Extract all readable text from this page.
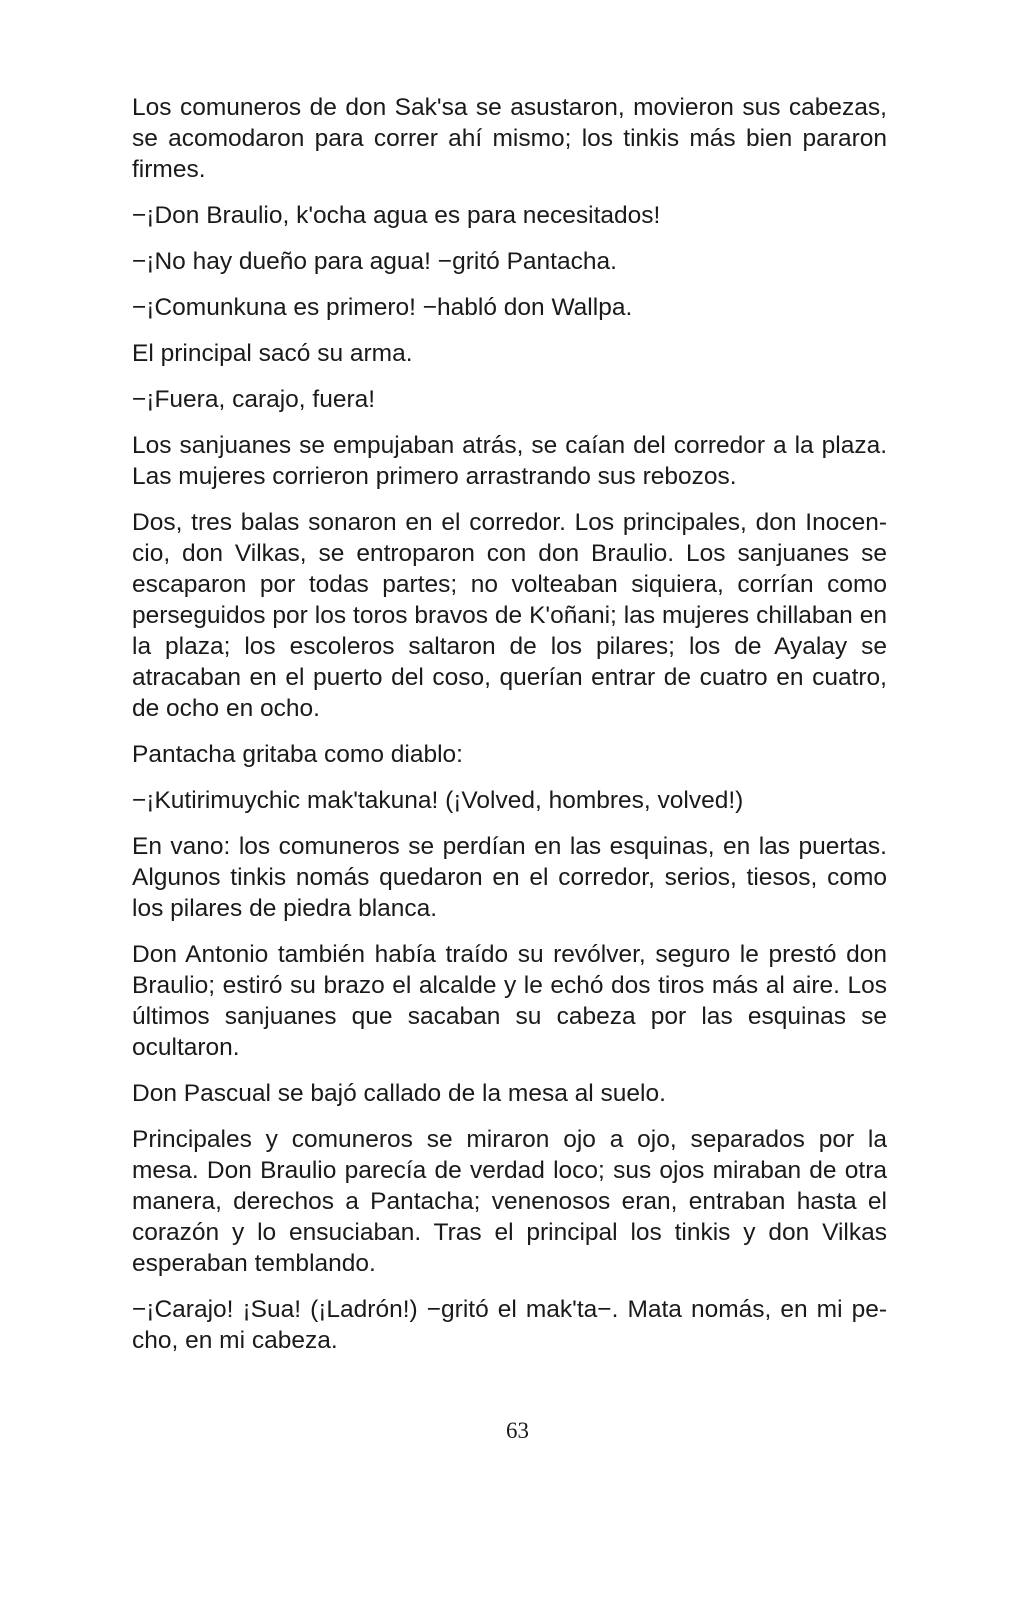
Los comuneros de don Sak'sa se asustaron, movieron sus cabezas, se acomodaron para correr ahí mismo; los tinkis más bien pararon firmes.

−¡Don Braulio, k'ocha agua es para necesitados!

−¡No hay dueño para agua! −gritó Pantacha.

−¡Comunkuna es primero! −habló don Wallpa.

El principal sacó su arma.

−¡Fuera, carajo, fuera!

Los sanjuanes se empujaban atrás, se caían del corredor a la plaza. Las mujeres corrieron primero arrastrando sus rebozos.

Dos, tres balas sonaron en el corredor. Los principales, don Inocencio, don Vilkas, se entroparon con don Braulio. Los sanjuanes se escaparon por todas partes; no volteaban siquiera, corrían como perseguidos por los toros bravos de K'oñani; las mujeres chillaban en la plaza; los escoleros saltaron de los pilares; los de Ayalay se atracaban en el puerto del coso, querían entrar de cuatro en cuatro, de ocho en ocho.

Pantacha gritaba como diablo:

−¡Kutirimuychic mak'takuna! (¡Volved, hombres, volved!)

En vano: los comuneros se perdían en las esquinas, en las puertas. Algunos tinkis nomás quedaron en el corredor, serios, tiesos, como los pilares de piedra blanca.

Don Antonio también había traído su revólver, seguro le prestó don Braulio; estiró su brazo el alcalde y le echó dos tiros más al aire. Los últimos sanjuanes que sacaban su cabeza por las esquinas se ocultaron.

Don Pascual se bajó callado de la mesa al suelo.

Principales y comuneros se miraron ojo a ojo, separados por la mesa. Don Braulio parecía de verdad loco; sus ojos miraban de otra manera, derechos a Pantacha; venenosos eran, entraban hasta el corazón y lo ensuciaban. Tras el principal los tinkis y don Vilkas esperaban temblando.

−¡Carajo! ¡Sua! (¡Ladrón!) −gritó el mak'ta−. Mata nomás, en mi pecho, en mi cabeza.

63
